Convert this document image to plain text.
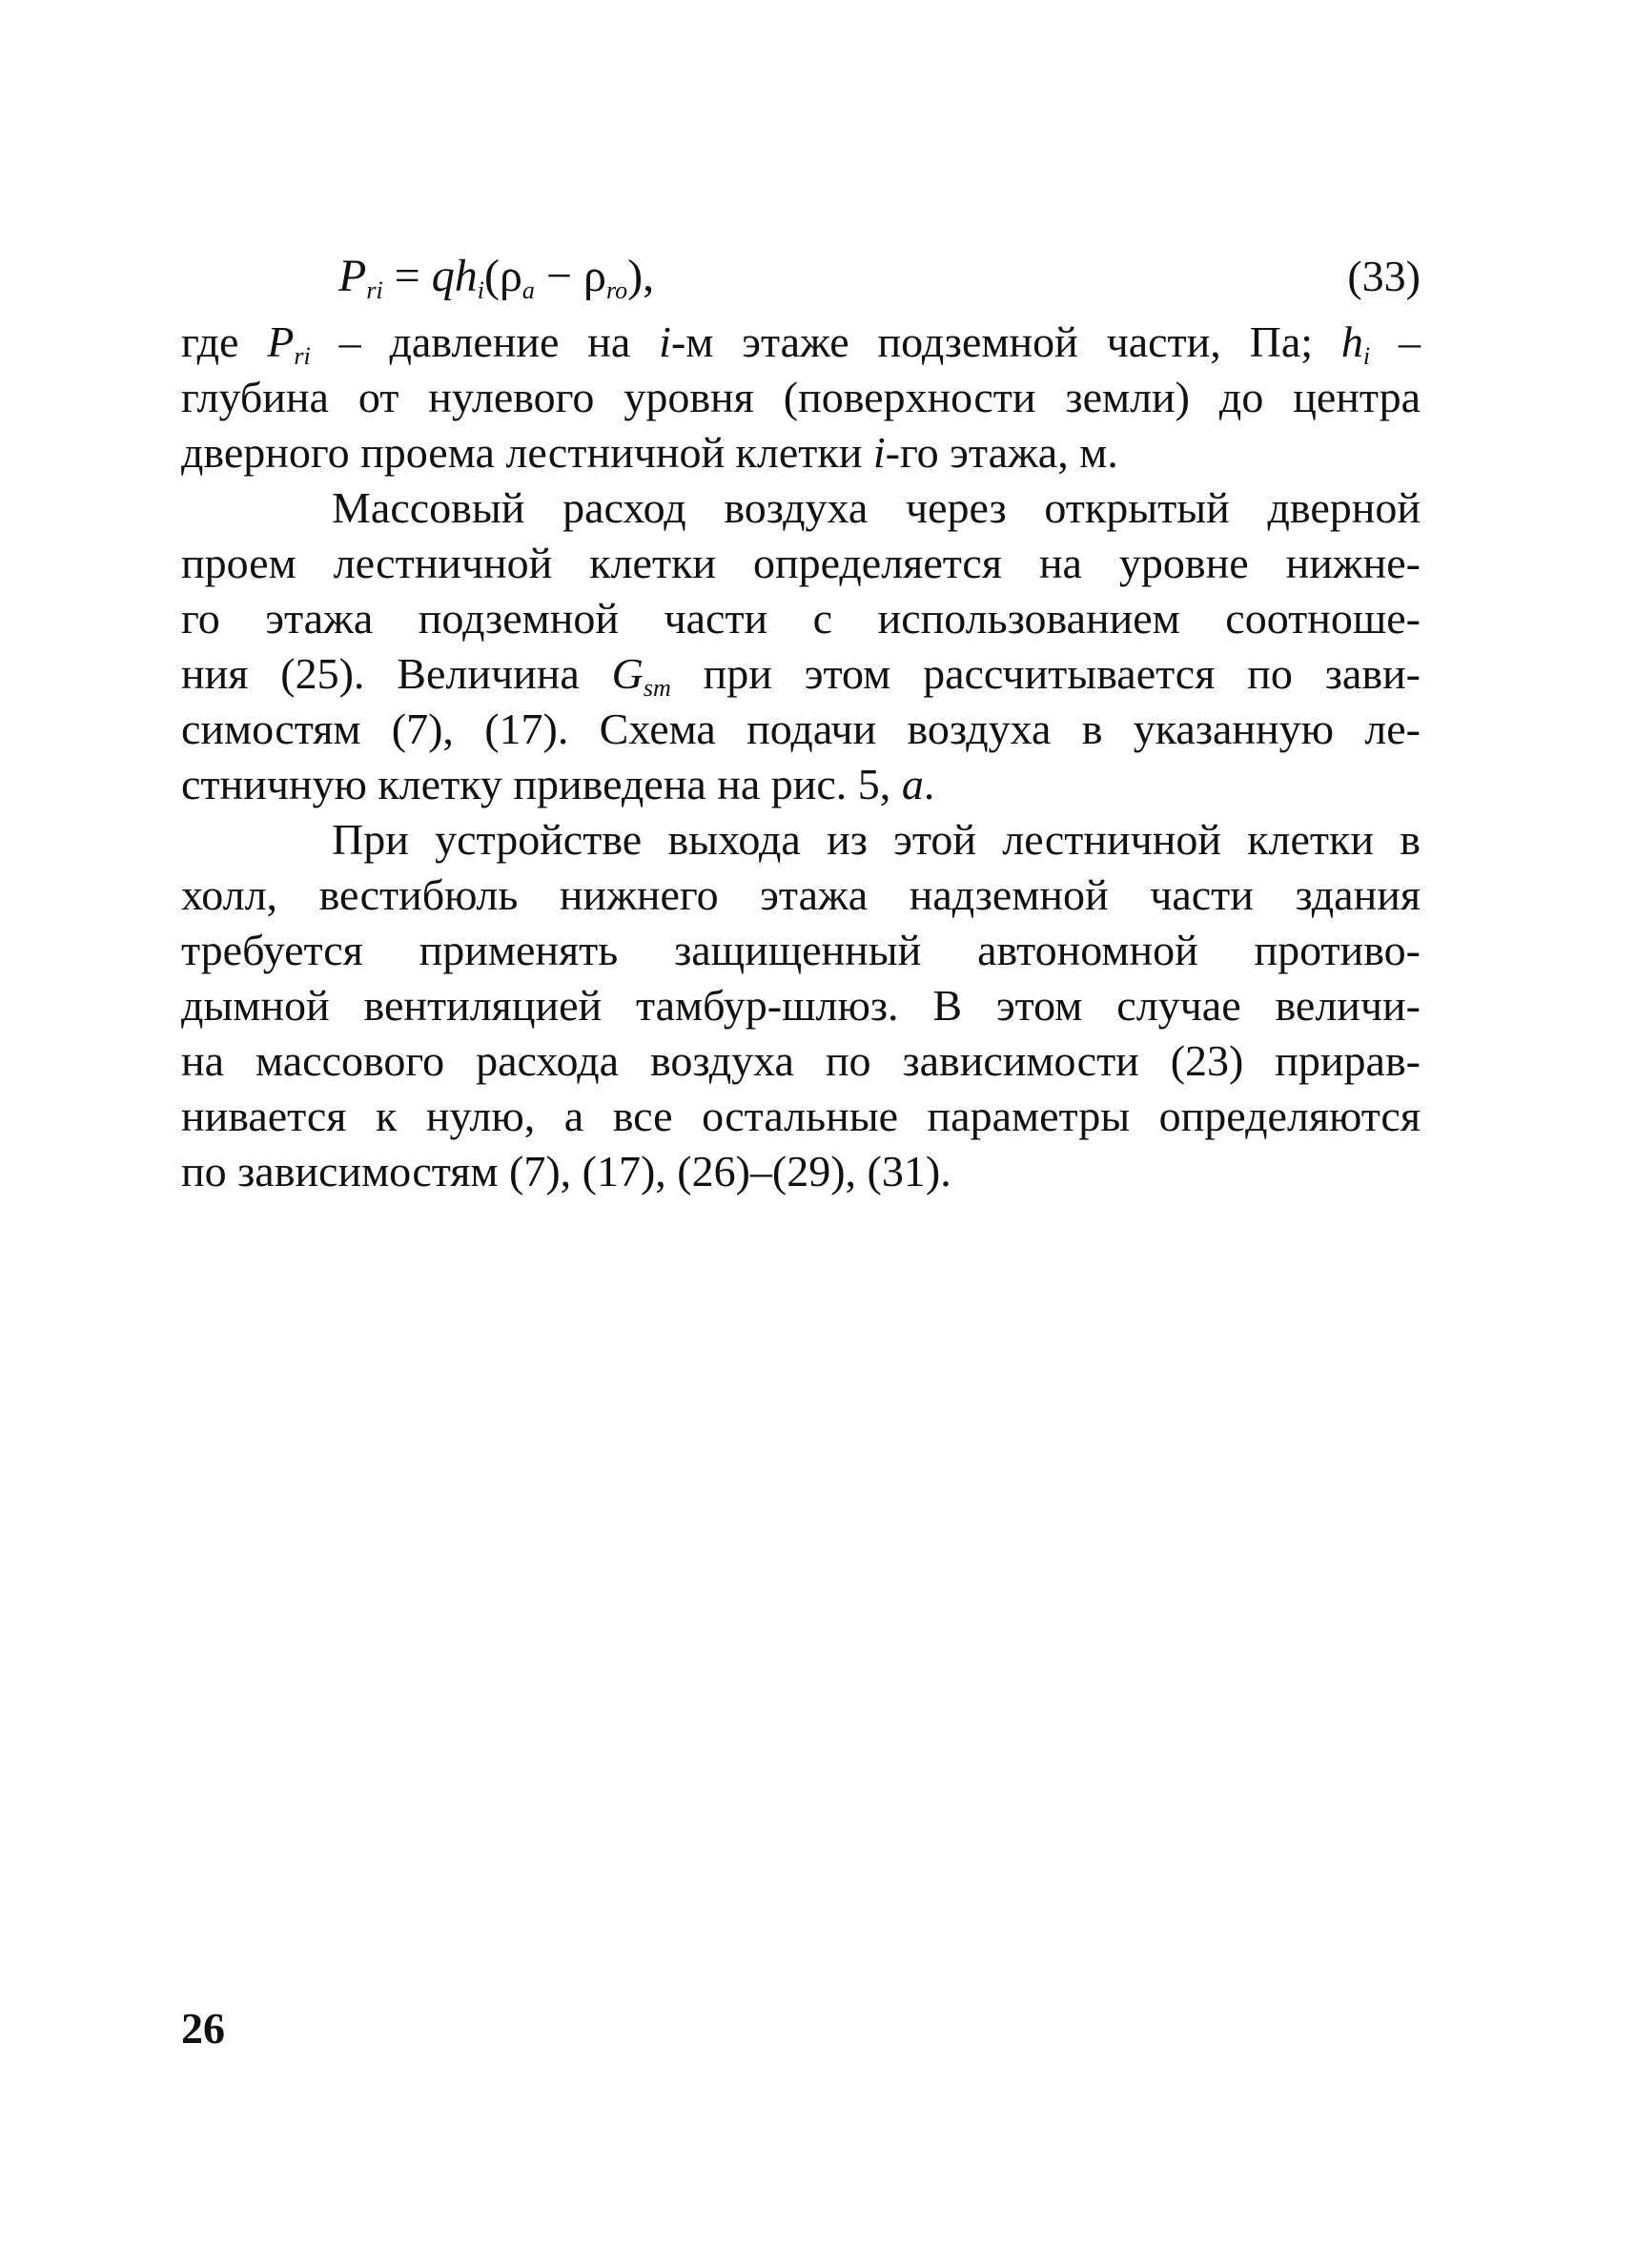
$P_{ri} = qh_i(\rho_a - \rho_{ro})$,	(33)
где $P_{ri}$ – давление на i-м этаже подземной части, Па; $h_i$ –
глубина от нулевого уровня (поверхности земли) до центра
дверного проема лестничной клетки i-го этажа, м.
Массовый расход воздуха через открытый дверной
проем лестничной клетки определяется на уровне нижне-
го этажа подземной части с использованием соотноше-
ния (25). Величина $G_{sm}$ при этом рассчитывается по зави-
симостям (7), (17). Схема подачи воздуха в указанную ле-
стничную клетку приведена на рис. 5, а.
При устройстве выхода из этой лестничной клетки в
холл, вестибюль нижнего этажа надземной части здания
требуется применять защищенный автономной противо-
дымной вентиляцией тамбур-шлюз. В этом случае величи-
на массового расхода воздуха по зависимости (23) прирав-
нивается к нулю, а все остальные параметры определяются
по зависимостям (7), (17), (26)–(29), (31).
26
